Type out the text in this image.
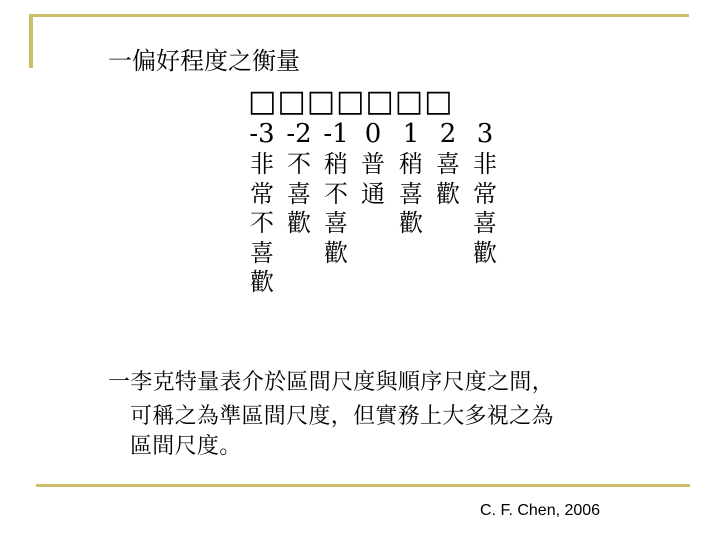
一偏好程度之衡量
□□□□□□□
-3
非
常
不
喜
歡
-2
不
喜
歡
-1
稍
不
喜
歡
0
普
通
1
稍
喜
歡
2
喜
歡
3
非
常
喜
歡
一李克特量表介於區間尺度與順序尺度之間，
可稱之為準區間尺度，但實務上大多視之為
區間尺度。
C. F. Chen, 2006
